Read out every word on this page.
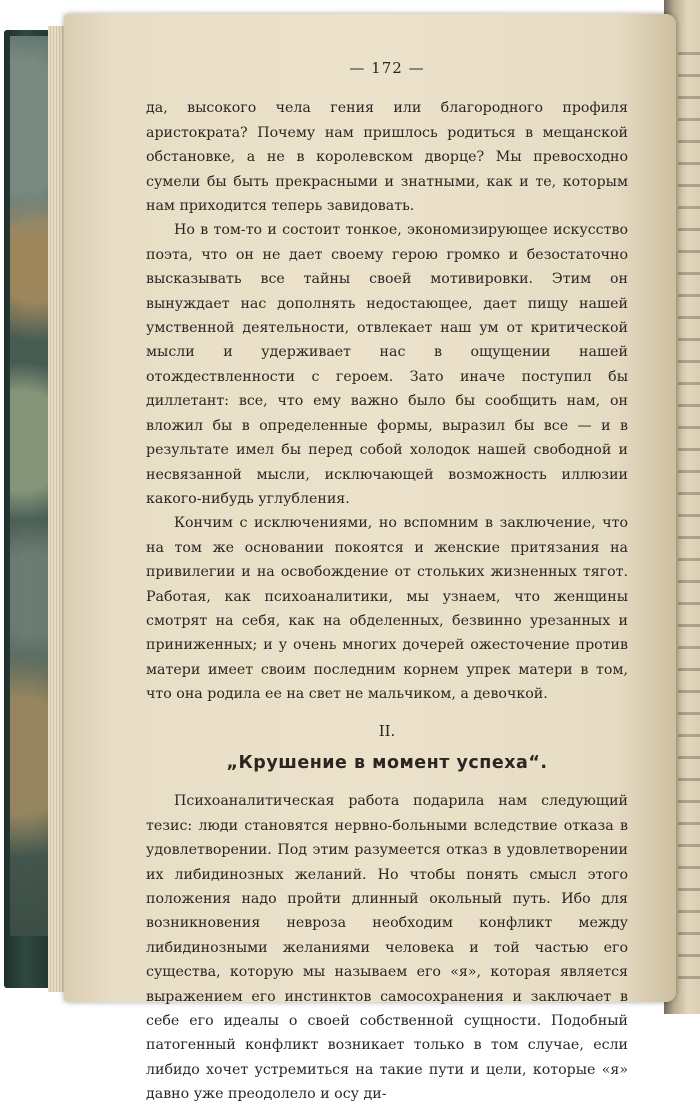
— 172 —

да, высокого чела гения или благородного профиля аристократа? Почему нам пришлось родиться в мещанской обстановке, а не в королевском дворце? Мы превосходно сумели бы быть прекрасными и знатными, как и те, которым нам приходится теперь завидовать.

Но в том-то и состоит тонкое, экономизирующее искусство поэта, что он не дает своему герою громко и безостаточно высказывать все тайны своей мотивировки. Этим он вынуждает нас дополнять недостающее, дает пищу нашей умственной деятельности, отвлекает наш ум от критической мысли и удерживает нас в ощущении нашей отождествленности с героем. Зато иначе поступил бы диллетант: все, что ему важно было бы сообщить нам, он вложил бы в определенные формы, выразил бы все — и в результате имел бы перед собой холодок нашей свободной и несвязанной мысли, исключающей возможность иллюзии какого-нибудь углубления.

Кончим с исключениями, но вспомним в заключение, что на том же основании покоятся и женские притязания на привилегии и на освобождение от стольких жизненных тягот. Работая, как психоаналитики, мы узнаем, что женщины смотрят на себя, как на обделенных, безвинно урезанных и приниженных; и у очень многих дочерей ожесточение против матери имеет своим последним корнем упрек матери в том, что она родила ее на свет не мальчиком, а девочкой.

II.
„Крушение в момент успеха“.

Психоаналитическая работа подарила нам следующий тезис: люди становятся нервно-больными вследствие отказа в удовлетворении. Под этим разумеется отказ в удовлетворении их либидинозных желаний. Но чтобы понять смысл этого положения надо пройти длинный окольный путь. Ибо для возникновения невроза необходим конфликт между либидинозными желаниями человека и той частью его существа, которую мы называем его «я», которая является выражением его инстинктов самосохранения и заключает в себе его идеалы о своей собственной сущности. Подобный патогенный конфликт возникает только в том случае, если либидо хочет устремиться на такие пути и цели, которые «я» давно уже преодолело и осу ди-
